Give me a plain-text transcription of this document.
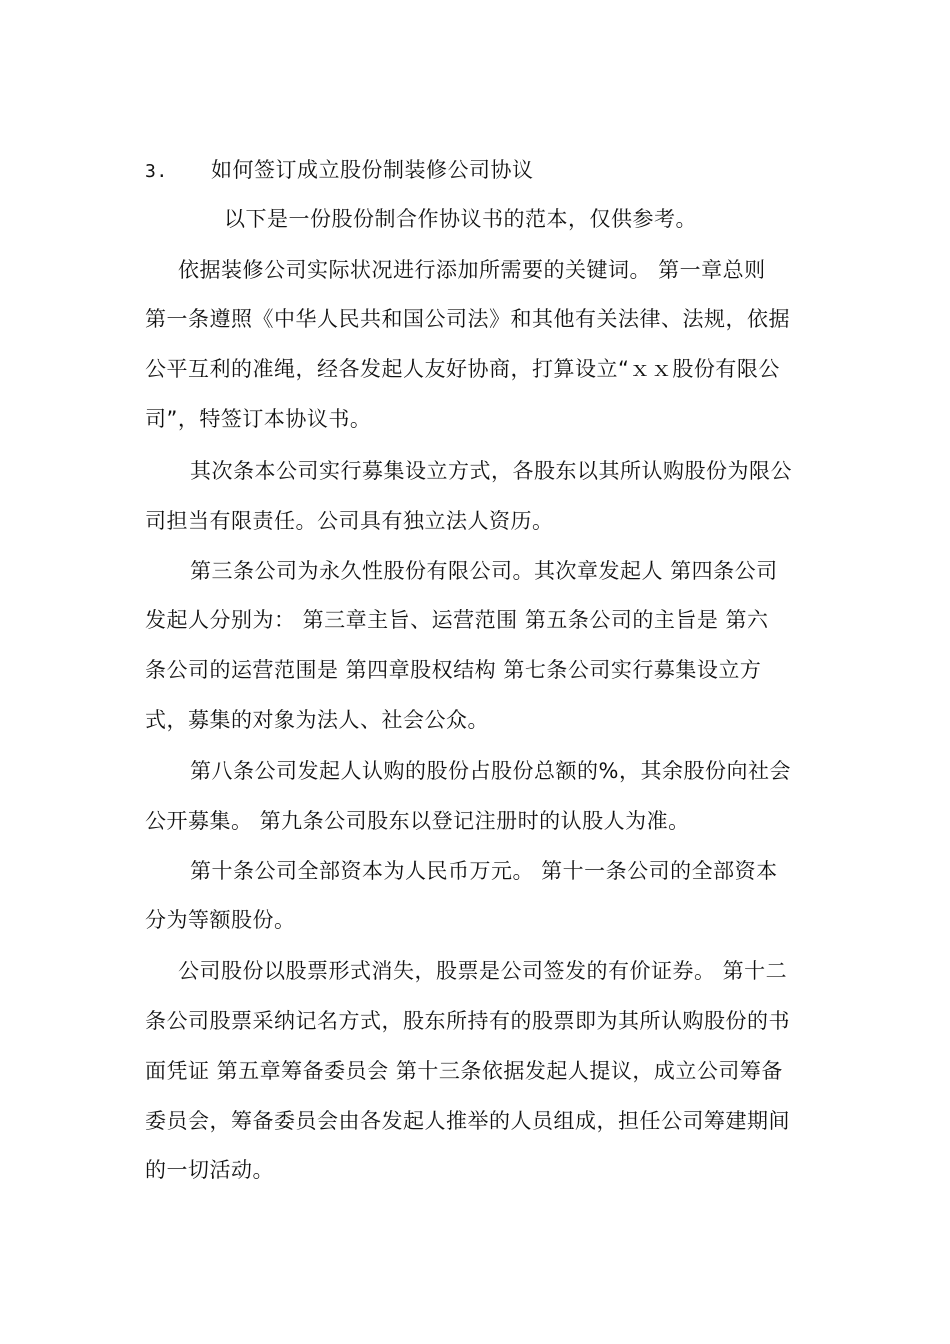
3. 如何签订成立股份制装修公司协议
以下是一份股份制合作协议书的范本，仅供参考。
依据装修公司实际状况进行添加所需要的关键词。 第一章总则
第一条遵照《中华人民共和国公司法》和其他有关法律、法规，依据
公平互利的准绳，经各发起人友好协商，打算设立“ｘｘ股份有限公
司”，特签订本协议书。
其次条本公司实行募集设立方式，各股东以其所认购股份为限公
司担当有限责任。公司具有独立法人资历。
第三条公司为永久性股份有限公司。其次章发起人 第四条公司
发起人分别为： 第三章主旨、运营范围 第五条公司的主旨是 第六
条公司的运营范围是 第四章股权结构 第七条公司实行募集设立方
式，募集的对象为法人、社会公众。
第八条公司发起人认购的股份占股份总额的%，其余股份向社会
公开募集。 第九条公司股东以登记注册时的认股人为准。
第十条公司全部资本为人民币万元。 第十一条公司的全部资本
分为等额股份。
公司股份以股票形式消失，股票是公司签发的有价证券。 第十二
条公司股票采纳记名方式，股东所持有的股票即为其所认购股份的书
面凭证 第五章筹备委员会 第十三条依据发起人提议，成立公司筹备
委员会，筹备委员会由各发起人推举的人员组成，担任公司筹建期间
的一切活动。
